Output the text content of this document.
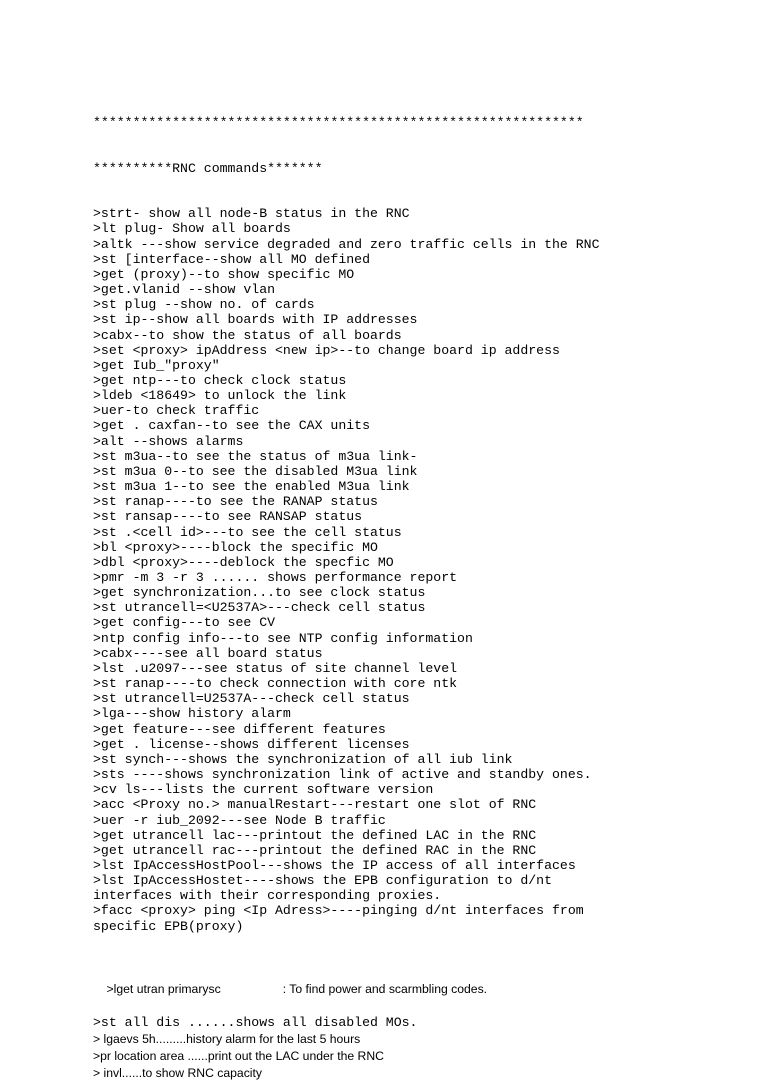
**************************************************************

**********RNC commands*******

>strt- show all node-B status in the RNC
>lt plug- Show all boards
>altk ---show service degraded and zero traffic cells in the RNC
>st [interface--show all MO defined
>get (proxy)--to show specific MO
>get.vlanid --show vlan
>st plug --show no. of cards
>st ip--show all boards with IP addresses
>cabx--to show the status of all boards
>set <proxy> ipAddress <new ip>--to change board ip address
>get Iub_"proxy"
>get ntp---to check clock status
>ldeb <18649> to unlock the link
>uer-to check traffic
>get . caxfan--to see the CAX units
>alt --shows alarms
>st m3ua--to see the status of m3ua link-
>st m3ua 0--to see the disabled M3ua link
>st m3ua 1--to see the enabled M3ua link
>st ranap----to see the RANAP status
>st ransap----to see RANSAP status
>st .<cell id>---to see the cell status
>bl <proxy>----block the specific MO
>dbl <proxy>----deblock the specfic MO
>pmr -m 3 -r 3 ...... shows performance report
>get synchronization...to see clock status
>st utrancell=<U2537A>---check cell status
>get config---to see CV
>ntp config info---to see NTP config information
>cabx----see all board status
>lst .u2097---see status of site channel level
>st ranap----to check connection with core ntk
>st utrancell=U2537A---check cell status
>lga---show history alarm
>get feature---see different features
>get . license--shows different licenses
>st synch---shows the synchronization of all iub link
>sts ----shows synchronization link of active and standby ones.
>cv ls---lists the current software version
>acc <Proxy no.> manualRestart---restart one slot of RNC
>uer -r iub_2092---see Node B traffic
>get utrancell lac---printout the defined LAC in the RNC
>get utrancell rac---printout the defined RAC in the RNC
>lst IpAccessHostPool---shows the IP access of all interfaces
>lst IpAccessHostet----shows the EPB configuration to d/nt
interfaces with their corresponding proxies.
>facc <proxy> ping <Ip Adress>----pinging d/nt interfaces from
specific EPB(proxy)

>lget utran primarysc	: To find power and scarmbling codes.

>st all dis ......shows all disabled MOs.
> lgaevs 5h.........history alarm for the last 5 hours
>pr location area ......print out the LAC under the RNC
> invl......to show RNC capacity
